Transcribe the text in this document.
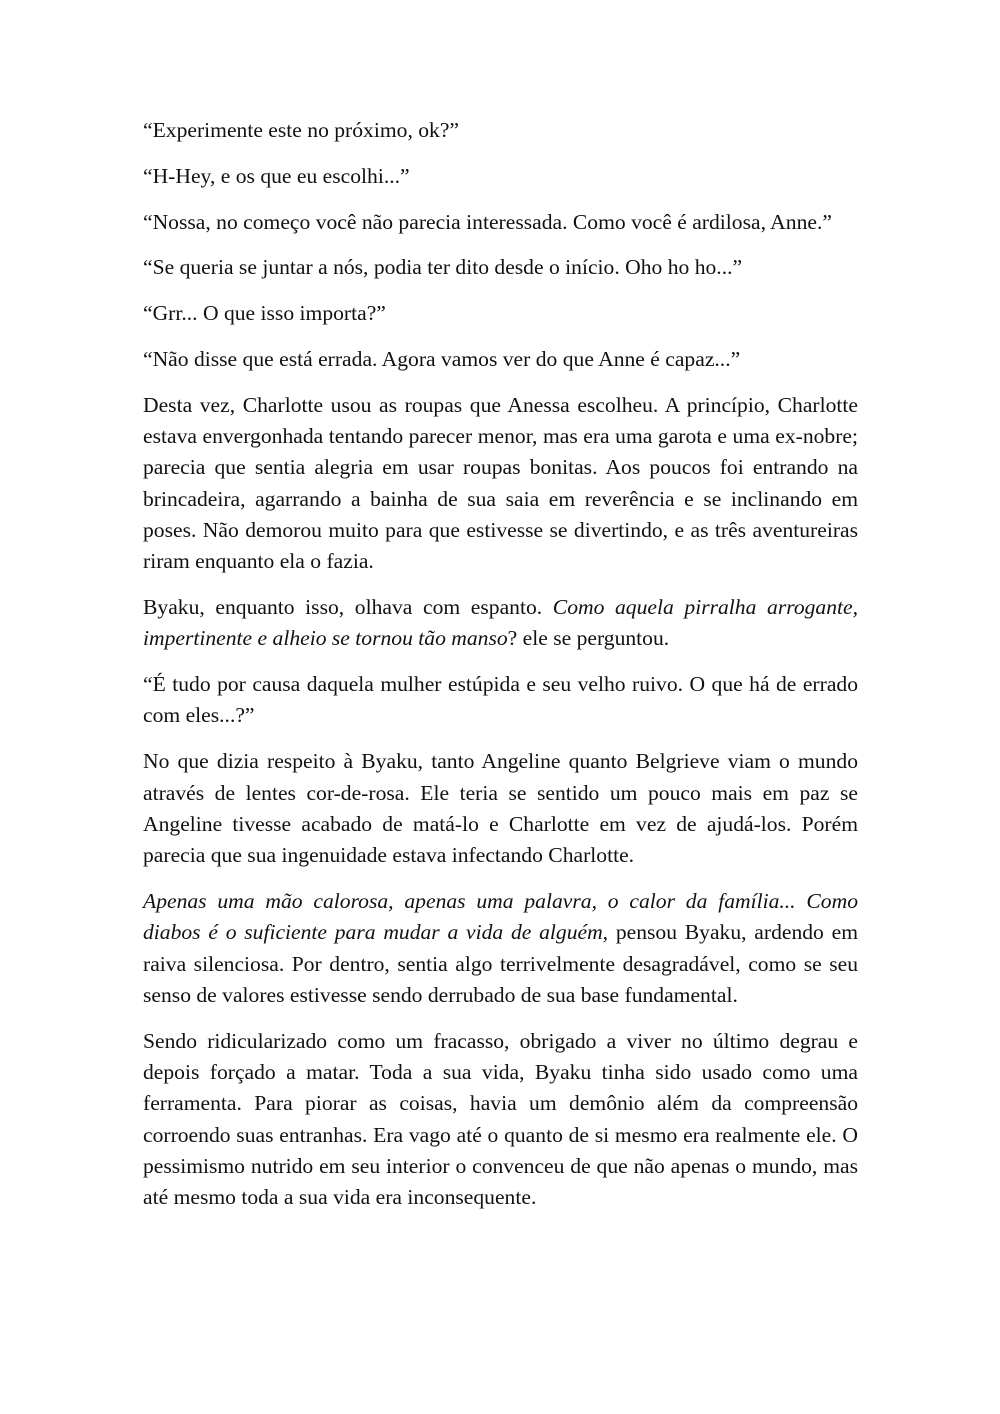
“Experimente este no próximo, ok?”

“H-Hey, e os que eu escolhi...”

“Nossa, no começo você não parecia interessada. Como você é ardilosa, Anne.”

“Se queria se juntar a nós, podia ter dito desde o início. Oho ho ho...”

“Grr... O que isso importa?”

“Não disse que está errada. Agora vamos ver do que Anne é capaz...”

Desta vez, Charlotte usou as roupas que Anessa escolheu. A princípio, Charlotte estava envergonhada tentando parecer menor, mas era uma garota e uma ex-nobre; parecia que sentia alegria em usar roupas bonitas. Aos poucos foi entrando na brincadeira, agarrando a bainha de sua saia em reverência e se inclinando em poses. Não demorou muito para que estivesse se divertindo, e as três aventureiras riram enquanto ela o fazia.

Byaku, enquanto isso, olhava com espanto. Como aquela pirralha arrogante, impertinente e alheio se tornou tão manso? ele se perguntou.

“É tudo por causa daquela mulher estúpida e seu velho ruivo. O que há de errado com eles...?”

No que dizia respeito à Byaku, tanto Angeline quanto Belgrieve viam o mundo através de lentes cor-de-rosa. Ele teria se sentido um pouco mais em paz se Angeline tivesse acabado de matá-lo e Charlotte em vez de ajudá-los. Porém parecia que sua ingenuidade estava infectando Charlotte.

Apenas uma mão calorosa, apenas uma palavra, o calor da família... Como diabos é o suficiente para mudar a vida de alguém, pensou Byaku, ardendo em raiva silenciosa. Por dentro, sentia algo terrivelmente desagradável, como se seu senso de valores estivesse sendo derrubado de sua base fundamental.

Sendo ridicularizado como um fracasso, obrigado a viver no último degrau e depois forçado a matar. Toda a sua vida, Byaku tinha sido usado como uma ferramenta. Para piorar as coisas, havia um demônio além da compreensão corroendo suas entranhas. Era vago até o quanto de si mesmo era realmente ele. O pessimismo nutrido em seu interior o convenceu de que não apenas o mundo, mas até mesmo toda a sua vida era inconsequente.
